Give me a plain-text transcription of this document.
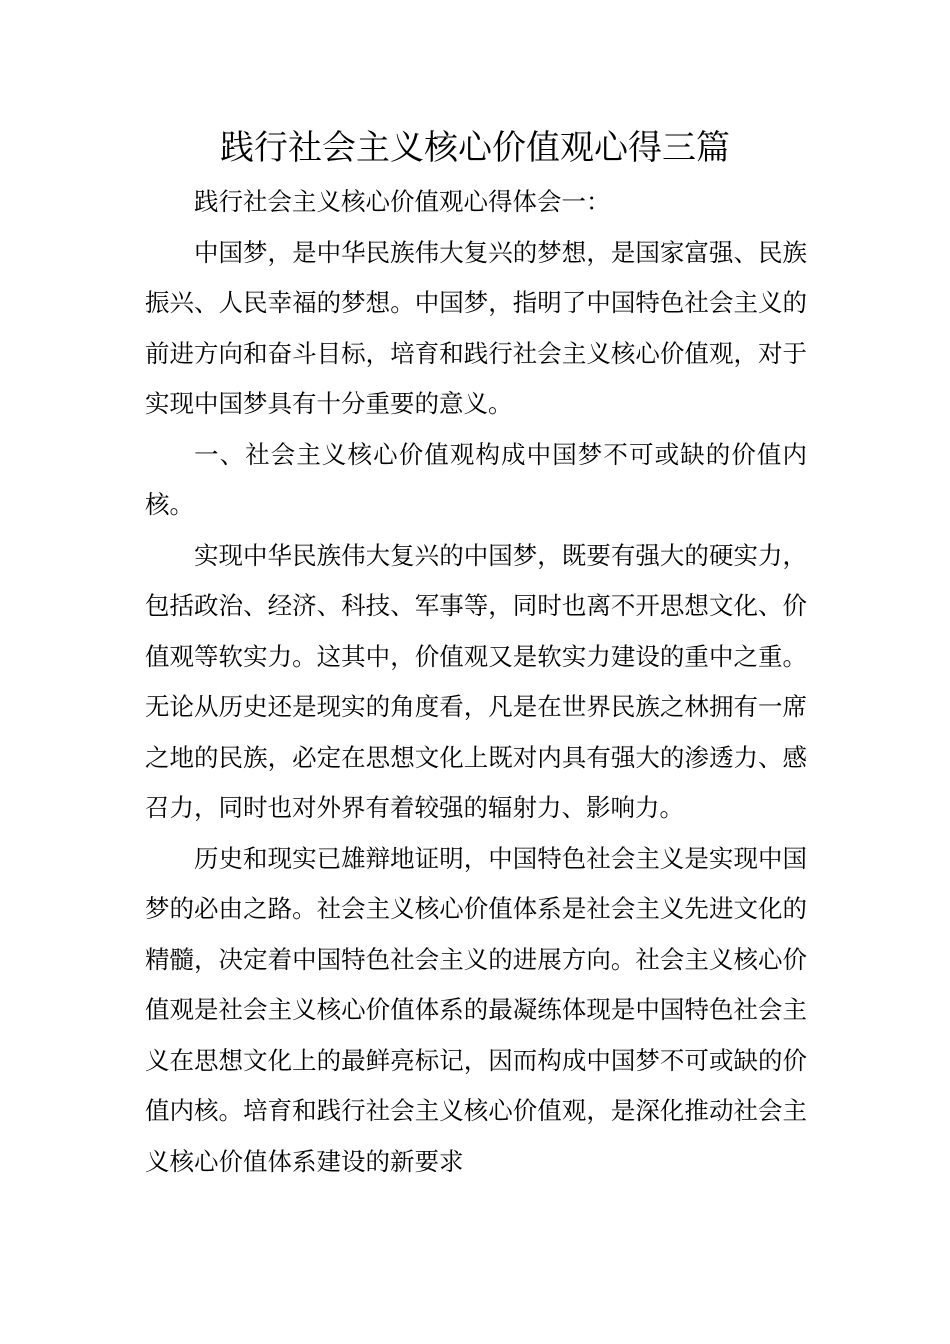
践行社会主义核心价值观心得三篇

践行社会主义核心价值观心得体会一：

中国梦，是中华民族伟大复兴的梦想，是国家富强、民族振兴、人民幸福的梦想。中国梦，指明了中国特色社会主义的前进方向和奋斗目标，培育和践行社会主义核心价值观，对于实现中国梦具有十分重要的意义。

一、社会主义核心价值观构成中国梦不可或缺的价值内核。

实现中华民族伟大复兴的中国梦，既要有强大的硬实力，包括政治、经济、科技、军事等，同时也离不开思想文化、价值观等软实力。这其中，价值观又是软实力建设的重中之重。无论从历史还是现实的角度看，凡是在世界民族之林拥有一席之地的民族，必定在思想文化上既对内具有强大的渗透力、感召力，同时也对外界有着较强的辐射力、影响力。

历史和现实已雄辩地证明，中国特色社会主义是实现中国梦的必由之路。社会主义核心价值体系是社会主义先进文化的精髓，决定着中国特色社会主义的进展方向。社会主义核心价值观是社会主义核心价值体系的最凝练体现是中国特色社会主义在思想文化上的最鲜亮标记，因而构成中国梦不可或缺的价值内核。培育和践行社会主义核心价值观，是深化推动社会主义核心价值体系建设的新要求
